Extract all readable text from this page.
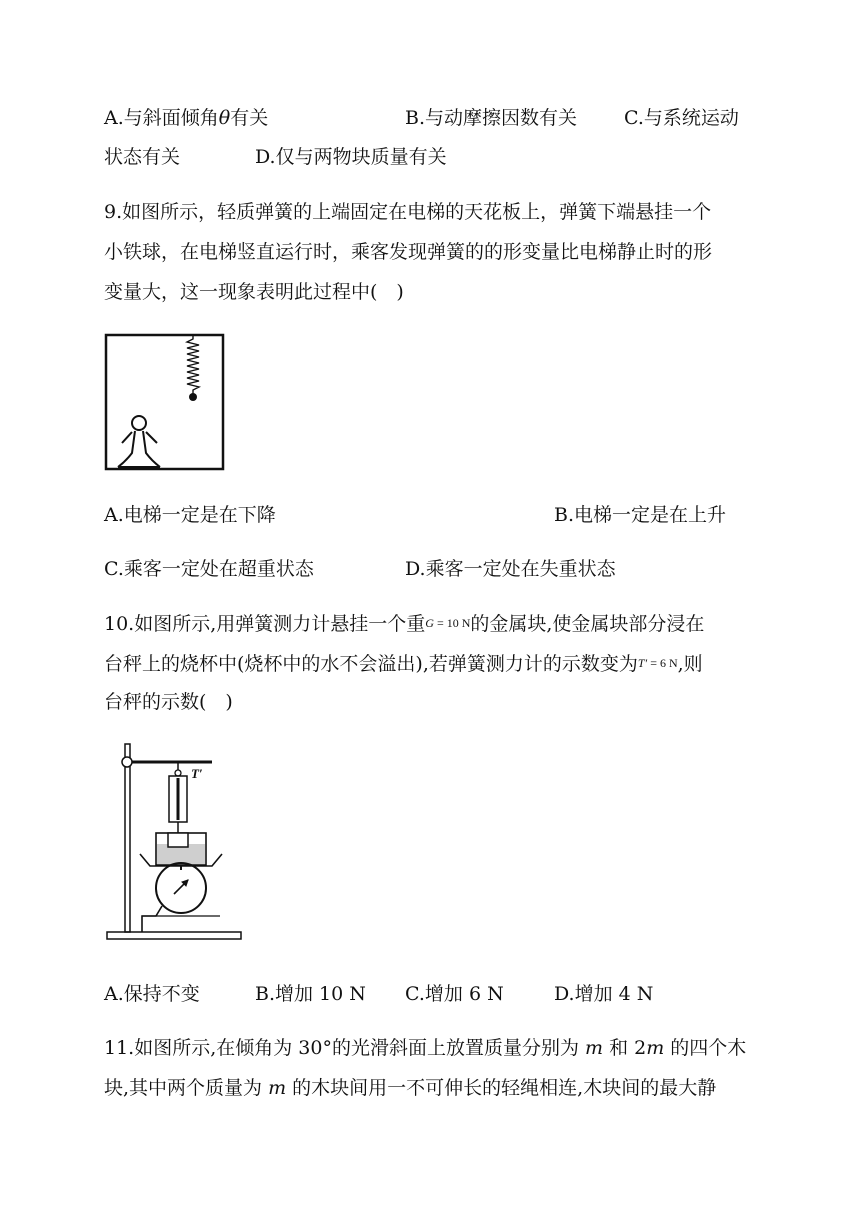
A.与斜面倾角θ有关	B.与动摩擦因数有关 C.与系统运动
状态有关	D.仅与两物块质量有关
9.如图所示，轻质弹簧的上端固定在电梯的天花板上，弹簧下端悬挂一个
小铁球，在电梯竖直运行时，乘客发现弹簧的的形变量比电梯静止时的形
变量大，这一现象表明此过程中(　)
A.电梯一定是在下降	B.电梯一定是在上升
C.乘客一定处在超重状态	D.乘客一定处在失重状态
10.如图所示,用弹簧测力计悬挂一个重G = 10 N的金属块,使金属块部分浸在
台秤上的烧杯中(烧杯中的水不会溢出),若弹簧测力计的示数变为T′ = 6 N,则
台秤的示数(　)
T′
A.保持不变	B.增加 10 N C.增加 6 N	D.增加 4 N
11.如图所示,在倾角为 30°的光滑斜面上放置质量分别为 m 和 2m 的四个木
块,其中两个质量为 m 的木块间用一不可伸长的轻绳相连,木块间的最大静
